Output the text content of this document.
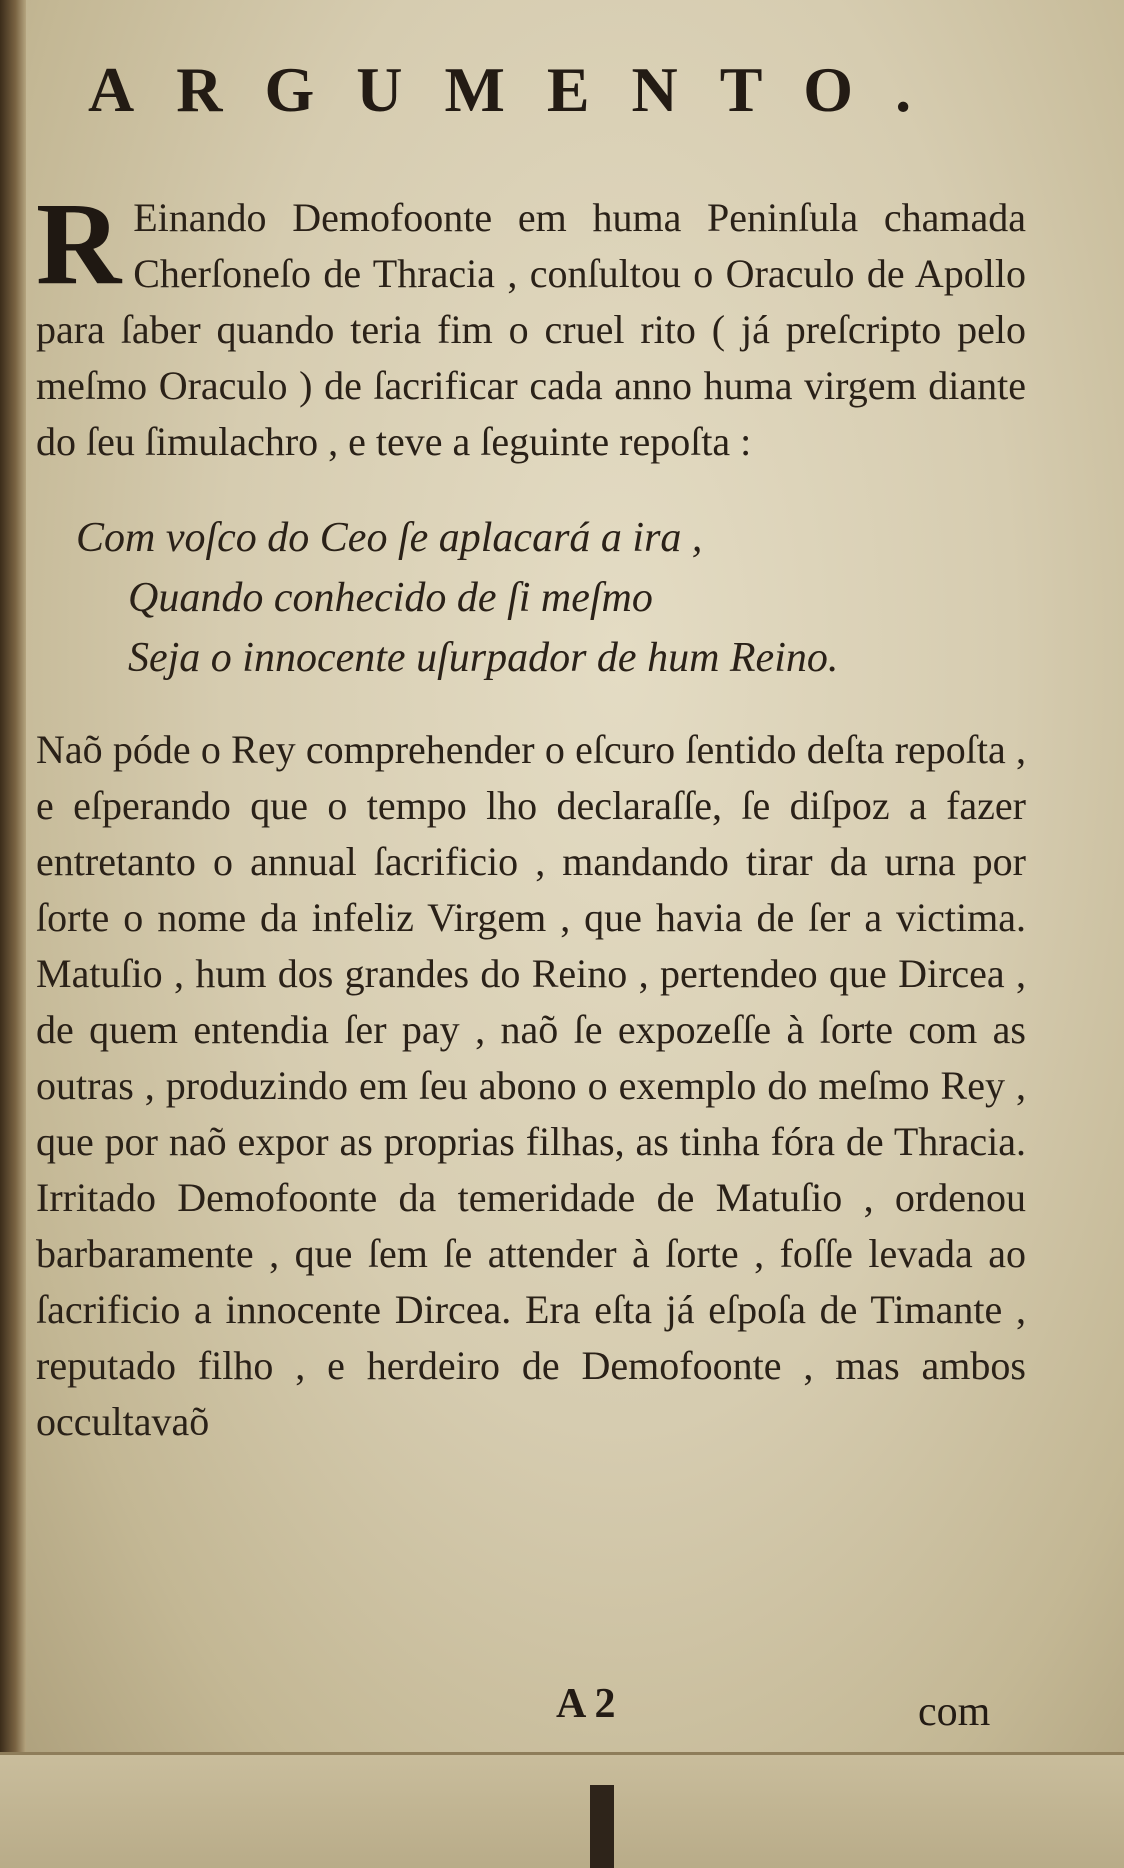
ARGUMENTO.

R Einando Demofoonte em huma Peninſula chamada Cherſoneſo de Thracia , conſultou o Oraculo de Apollo para ſaber quando teria fim o cruel rito ( já preſcripto pelo meſmo Oraculo ) de ſacrificar cada anno huma virgem diante do ſeu ſimulachro , e teve a ſeguinte repoſta :

Com voſco do Ceo ſe aplacará a ira ,
Quando conhecido de ſi meſmo
Seja o innocente uſurpador de hum Reino.

Naõ póde o Rey comprehender o eſcuro ſentido deſta repoſta , e eſperando que o tempo lho declaraſſe, ſe diſpoz a fazer entretanto o annual ſacrificio , mandando tirar da urna por ſorte o nome da infeliz Virgem , que havia de ſer a victima. Matuſio , hum dos grandes do Reino , pertendeo que Dircea , de quem entendia ſer pay , naõ ſe expozeſſe à ſorte com as outras , produzindo em ſeu abono o exemplo do meſmo Rey , que por naõ expor as proprias filhas, as tinha fóra de Thracia. Irritado Demofoonte da temeridade de Matuſio , ordenou barbaramente , que ſem ſe attender à ſorte , foſſe levada ao ſacrificio a innocente Dircea. Era eſta já eſpoſa de Timante , reputado filho , e herdeiro de Demofoonte , mas ambos occultavaõ

A 2	com
